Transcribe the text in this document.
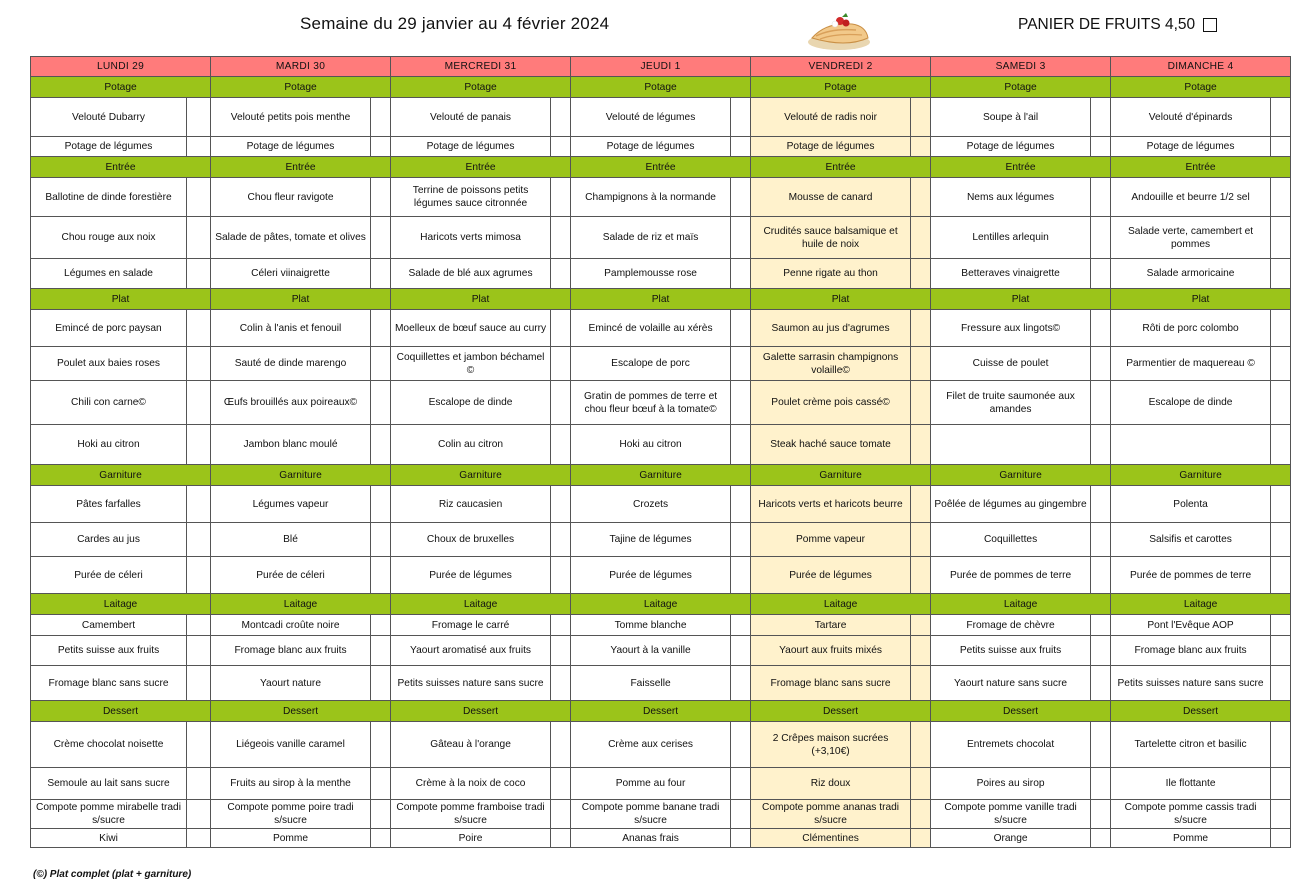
Semaine du 29 janvier au 4 février 2024	PANIER DE FRUITS 4,50
LUNDI 29		MARDI 30		MERCREDI 31		JEUDI 1		VENDREDI 2		SAMEDI 3		DIMANCHE 4	
Potage		Potage		Potage		Potage		Potage		Potage		Potage	
Velouté Dubarry		Velouté petits pois menthe		Velouté de panais		Velouté de légumes		Velouté de radis noir		Soupe à l'ail		Velouté d'épinards	
Potage de légumes		Potage de légumes		Potage de légumes		Potage de légumes		Potage de légumes		Potage de légumes		Potage de légumes	
Entrée		Entrée		Entrée		Entrée		Entrée		Entrée		Entrée	
Ballotine de dinde forestière		Chou fleur ravigote		Terrine de poissons petits légumes sauce citronnée		Champignons à la normande		Mousse de canard		Nems aux légumes		Andouille et beurre 1/2 sel	
Chou rouge aux noix		Salade de pâtes, tomate et olives		Haricots verts mimosa		Salade de riz et maïs		Crudités sauce balsamique et huile de noix		Lentilles arlequin		Salade verte, camembert et pommes	
Légumes en salade		Céleri viinaigrette		Salade de blé aux agrumes		Pamplemousse rose		Penne rigate au thon		Betteraves vinaigrette		Salade armoricaine	
Plat		Plat		Plat		Plat		Plat		Plat		Plat	
Emincé de porc paysan		Colin à l'anis et fenouil		Moelleux de bœuf sauce au curry		Emincé de volaille au xérès		Saumon au jus d'agrumes		Fressure aux lingots©		Rôti de porc colombo	
Poulet aux baies roses		Sauté de dinde marengo		Coquillettes et jambon béchamel ©		Escalope de porc		Galette sarrasin champignons volaille©		Cuisse de poulet		Parmentier de maquereau ©	
Chili con carne©		Œufs brouillés aux poireaux©		Escalope de dinde		Gratin de pommes de terre et chou fleur bœuf à la tomate©		Poulet crème pois cassé©		Filet de truite saumonée aux amandes		Escalope de dinde	
Hoki au citron		Jambon blanc moulé		Colin au citron		Hoki au citron		Steak haché sauce tomate					
Garniture		Garniture		Garniture		Garniture		Garniture		Garniture		Garniture	
Pâtes farfalles		Légumes vapeur		Riz caucasien		Crozets		Haricots verts et haricots beurre		Poêlée de légumes au gingembre		Polenta	
Cardes au jus		Blé		Choux de bruxelles		Tajine de légumes		Pomme vapeur		Coquillettes		Salsifis et carottes	
Purée de céleri		Purée de céleri		Purée de légumes		Purée de légumes		Purée de légumes		Purée de pommes de terre		Purée de pommes de terre	
Laitage		Laitage		Laitage		Laitage		Laitage		Laitage		Laitage	
Camembert		Montcadi croûte noire		Fromage le carré		Tomme blanche		Tartare		Fromage de chèvre		Pont l'Evêque AOP	
Petits suisse aux fruits		Fromage blanc aux fruits		Yaourt aromatisé aux fruits		Yaourt à la vanille		Yaourt aux fruits mixés		Petits suisse aux fruits		Fromage blanc aux fruits	
Fromage blanc sans sucre		Yaourt nature		Petits suisses nature sans sucre		Faisselle		Fromage blanc sans sucre		Yaourt nature sans sucre		Petits suisses nature sans sucre	
Dessert		Dessert		Dessert		Dessert		Dessert		Dessert		Dessert	
Crème chocolat noisette		Liégeois vanille caramel		Gâteau à l'orange		Crème aux cerises		2 Crêpes maison sucrées (+3,10€)		Entremets chocolat		Tartelette citron et basilic	
Semoule au lait sans sucre		Fruits au sirop à la menthe		Crème à la noix de coco		Pomme au four		Riz doux		Poires au sirop		Ile flottante	
Compote pomme mirabelle tradi s/sucre		Compote pomme poire tradi s/sucre		Compote pomme framboise tradi s/sucre		Compote pomme banane tradi s/sucre		Compote pomme ananas tradi s/sucre		Compote pomme vanille tradi s/sucre		Compote pomme cassis tradi s/sucre	
Kiwi		Pomme		Poire		Ananas frais		Clémentines		Orange		Pomme	
(©) Plat complet (plat + garniture)
